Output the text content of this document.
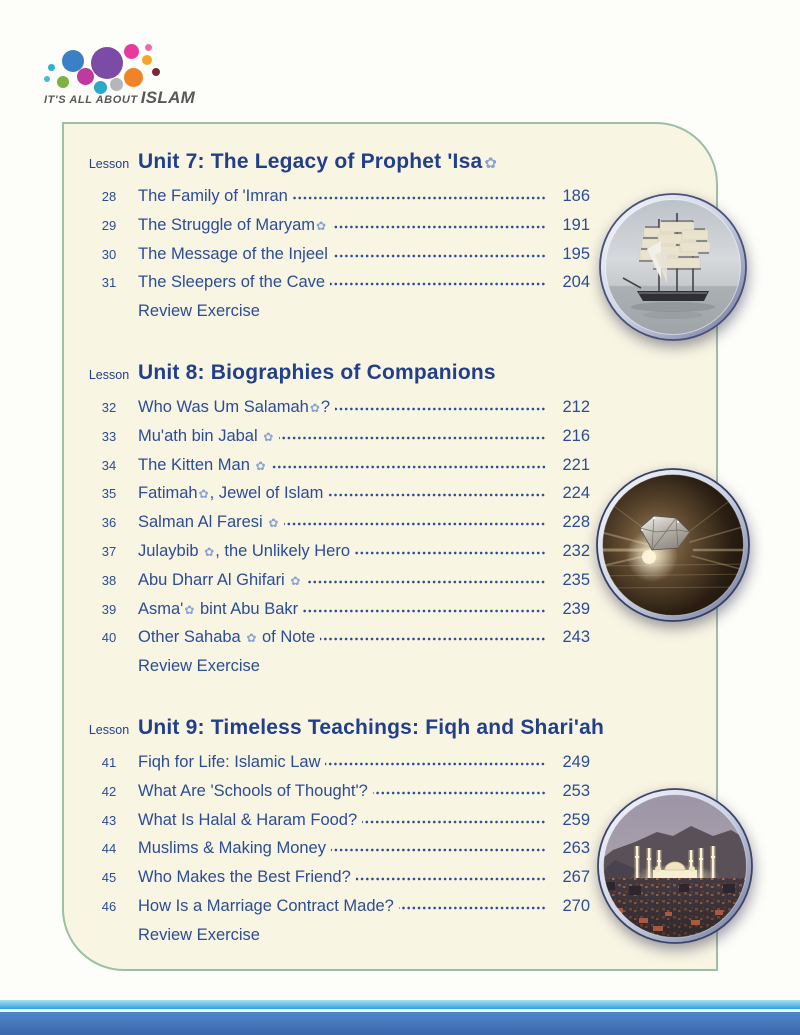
IT'S ALL ABOUT ISLAM
Lesson Unit 7: The Legacy of Prophet 'Isa ✿
28	The Family of 'Imran	186
29	The Struggle of Maryam✿	191
30	The Message of the Injeel	195
31	The Sleepers of the Cave	204
Review Exercise
Lesson Unit 8: Biographies of Companions
32	Who Was Um Salamah✿?	212
33	Mu'ath bin Jabal ✿	216
34	The Kitten Man ✿	221
35	Fatimah✿, Jewel of Islam	224
36	Salman Al Faresi ✿	228
37	Julaybib ✿, the Unlikely Hero	232
38	Abu Dharr Al Ghifari ✿	235
39	Asma'✿ bint Abu Bakr	239
40	Other Sahaba ✿ of Note	243
Review Exercise
Lesson Unit 9: Timeless Teachings: Fiqh and Shari'ah
41	Fiqh for Life: Islamic Law	249
42	What Are 'Schools of Thought'?	253
43	What Is Halal & Haram Food?	259
44	Muslims & Making Money	263
45	Who Makes the Best Friend?	267
46	How Is a Marriage Contract Made?	270
Review Exercise
